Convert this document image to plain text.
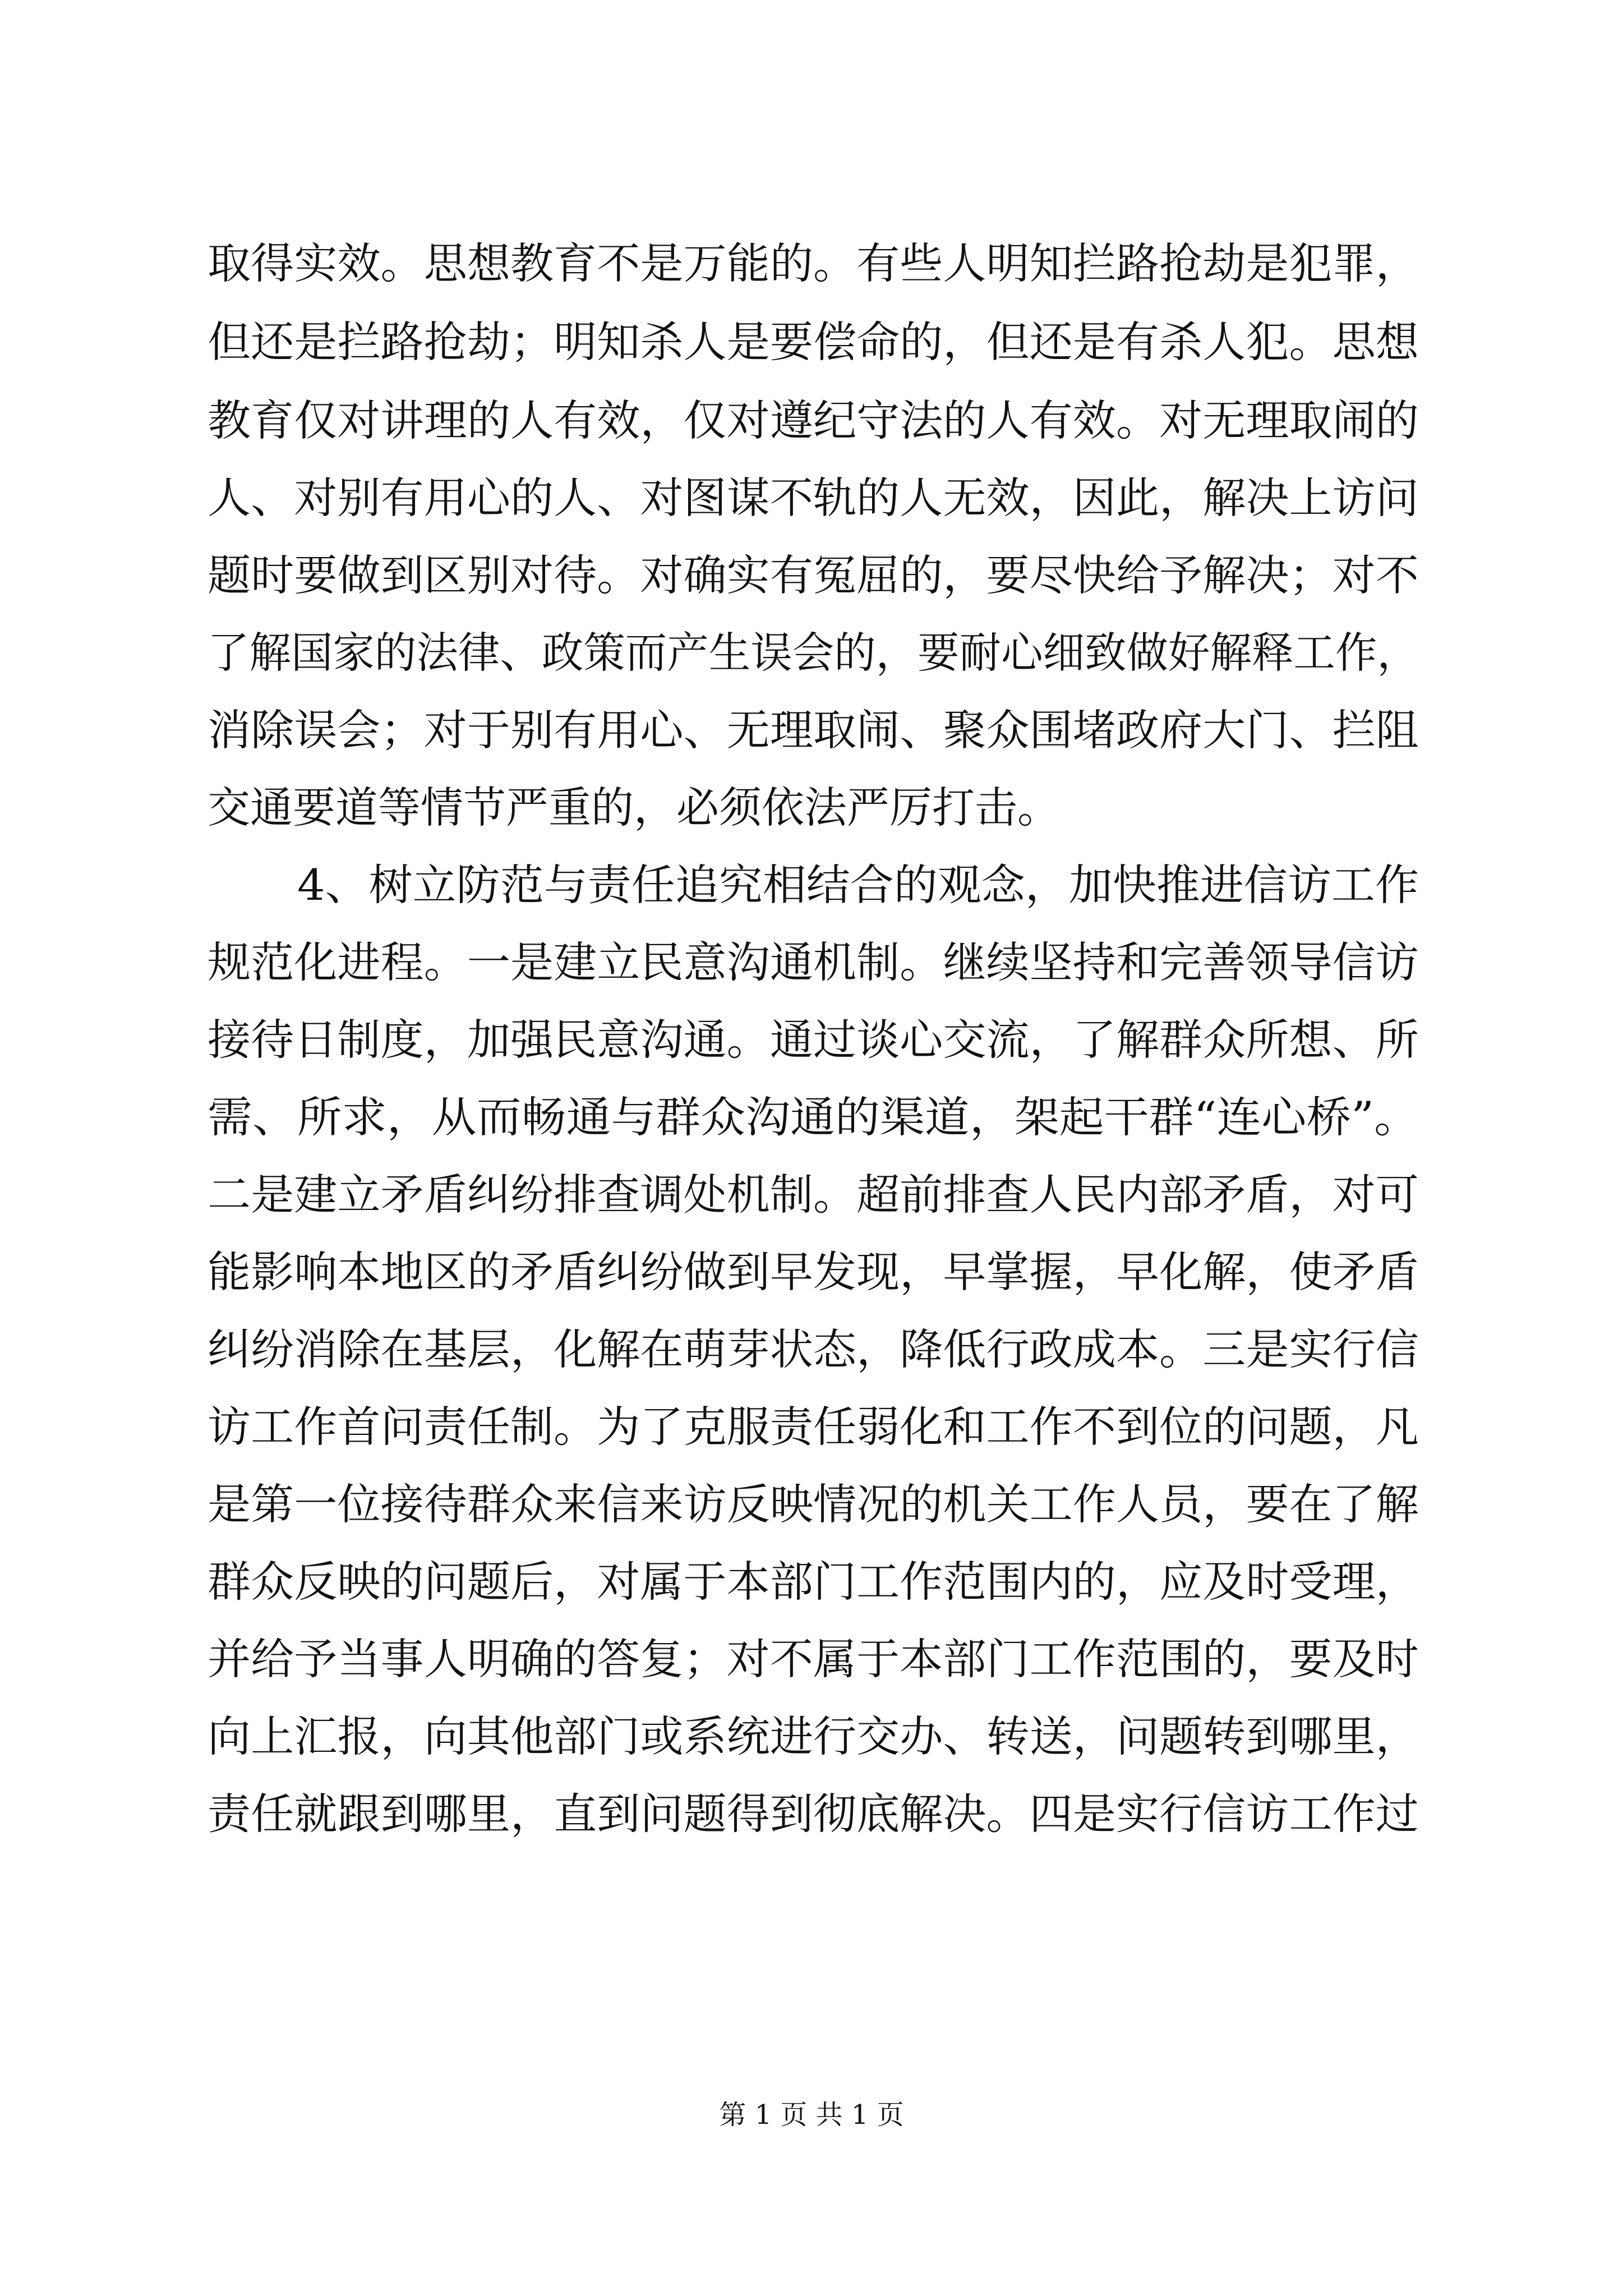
取得实效。思想教育不是万能的。有些人明知拦路抢劫是犯罪，
但还是拦路抢劫；明知杀人是要偿命的，但还是有杀人犯。思想
教育仅对讲理的人有效，仅对遵纪守法的人有效。对无理取闹的
人、对别有用心的人、对图谋不轨的人无效，因此，解决上访问
题时要做到区别对待。对确实有冤屈的，要尽快给予解决；对不
了解国家的法律、政策而产生误会的，要耐心细致做好解释工作，
消除误会；对于别有用心、无理取闹、聚众围堵政府大门、拦阻
交通要道等情节严重的，必须依法严厉打击。
4、树立防范与责任追究相结合的观念，加快推进信访工作
规范化进程。一是建立民意沟通机制。继续坚持和完善领导信访
接待日制度，加强民意沟通。通过谈心交流，了解群众所想、所
需、所求，从而畅通与群众沟通的渠道，架起干群“连心桥”。
二是建立矛盾纠纷排查调处机制。超前排查人民内部矛盾，对可
能影响本地区的矛盾纠纷做到早发现，早掌握，早化解，使矛盾
纠纷消除在基层，化解在萌芽状态，降低行政成本。三是实行信
访工作首问责任制。为了克服责任弱化和工作不到位的问题，凡
是第一位接待群众来信来访反映情况的机关工作人员，要在了解
群众反映的问题后，对属于本部门工作范围内的，应及时受理，
并给予当事人明确的答复；对不属于本部门工作范围的，要及时
向上汇报，向其他部门或系统进行交办、转送，问题转到哪里，
责任就跟到哪里，直到问题得到彻底解决。四是实行信访工作过
第 1 页 共 1 页
